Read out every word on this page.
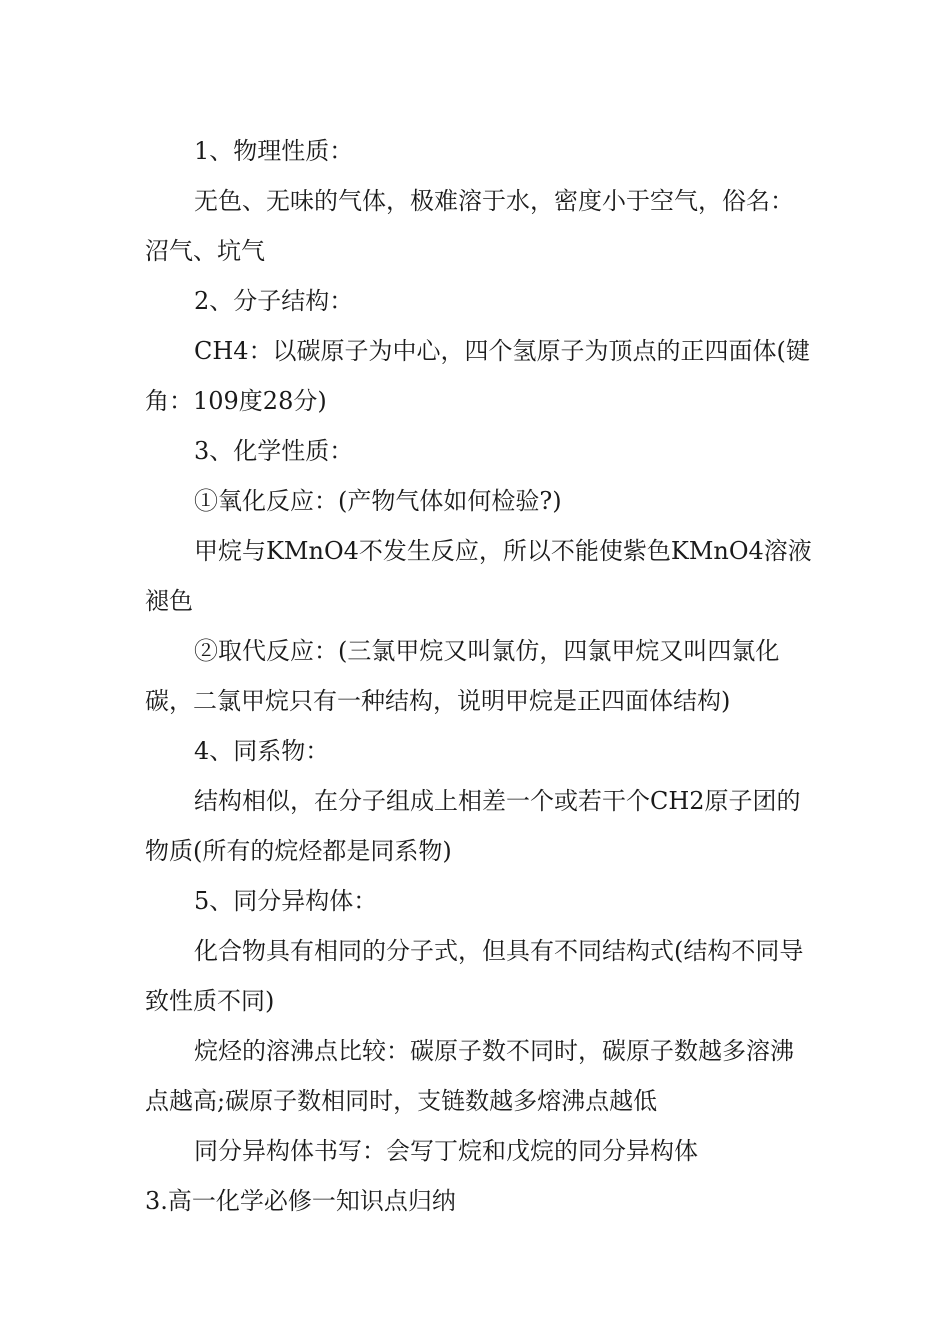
1、物理性质：

无色、无味的气体，极难溶于水，密度小于空气，俗名：沼气、坑气

2、分子结构：

CH4：以碳原子为中心，四个氢原子为顶点的正四面体(键角：109度28分)

3、化学性质：

①氧化反应：(产物气体如何检验?)

甲烷与KMnO4不发生反应，所以不能使紫色KMnO4溶液褪色

②取代反应：(三氯甲烷又叫氯仿，四氯甲烷又叫四氯化碳，二氯甲烷只有一种结构，说明甲烷是正四面体结构)

4、同系物：

结构相似，在分子组成上相差一个或若干个CH2原子团的物质(所有的烷烃都是同系物)

5、同分异构体：

化合物具有相同的分子式，但具有不同结构式(结构不同导致性质不同)

烷烃的溶沸点比较：碳原子数不同时，碳原子数越多溶沸点越高;碳原子数相同时，支链数越多熔沸点越低

同分异构体书写：会写丁烷和戊烷的同分异构体

3.高一化学必修一知识点归纳
